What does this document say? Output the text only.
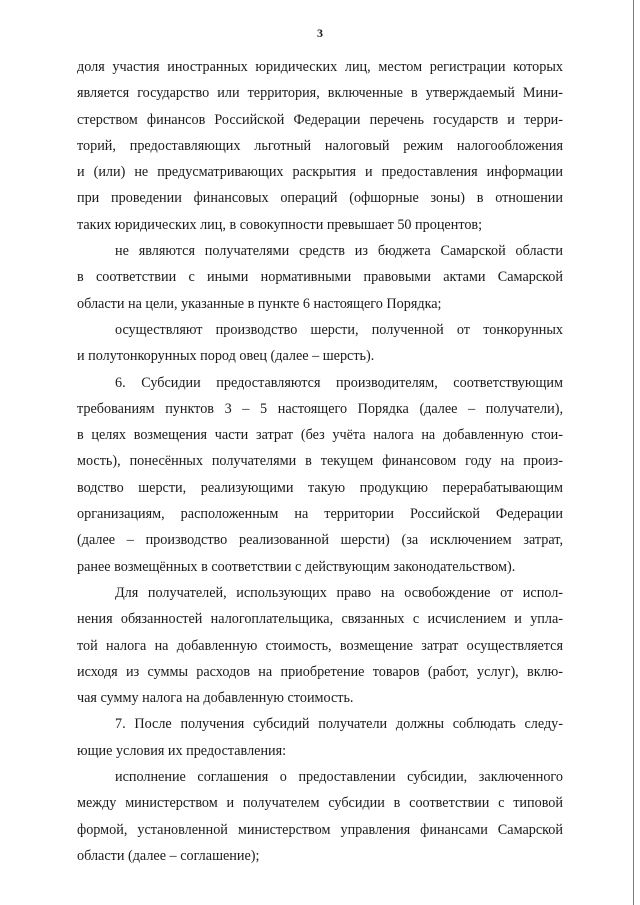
3
доля участия иностранных юридических лиц, местом регистрации которых
является государство или территория, включенные в утверждаемый Мини-
стерством финансов Российской Федерации перечень государств и терри-
торий, предоставляющих льготный налоговый режим налогообложения
и (или) не предусматривающих раскрытия и предоставления информации
при проведении финансовых операций (офшорные зоны) в отношении
таких юридических лиц, в совокупности превышает 50 процентов;
не являются получателями средств из бюджета Самарской области
в соответствии с иными нормативными правовыми актами Самарской
области на цели, указанные в пункте 6 настоящего Порядка;
осуществляют производство шерсти, полученной от тонкорунных
и полутонкорунных пород овец (далее – шерсть).
6. Субсидии предоставляются производителям, соответствующим
требованиям пунктов 3 – 5 настоящего Порядка (далее – получатели),
в целях возмещения части затрат (без учёта налога на добавленную стои-
мость), понесённых получателями в текущем финансовом году на произ-
водство шерсти, реализующими такую продукцию перерабатывающим
организациям, расположенным на территории Российской Федерации
(далее – производство реализованной шерсти) (за исключением затрат,
ранее возмещённых в соответствии с действующим законодательством).
Для получателей, использующих право на освобождение от испол-
нения обязанностей налогоплательщика, связанных с исчислением и упла-
той налога на добавленную стоимость, возмещение затрат осуществляется
исходя из суммы расходов на приобретение товаров (работ, услуг), вклю-
чая сумму налога на добавленную стоимость.
7. После получения субсидий получатели должны соблюдать следу-
ющие условия их предоставления:
исполнение соглашения о предоставлении субсидии, заключенного
между министерством и получателем субсидии в соответствии с типовой
формой, установленной министерством управления финансами Самарской
области (далее – соглашение);
